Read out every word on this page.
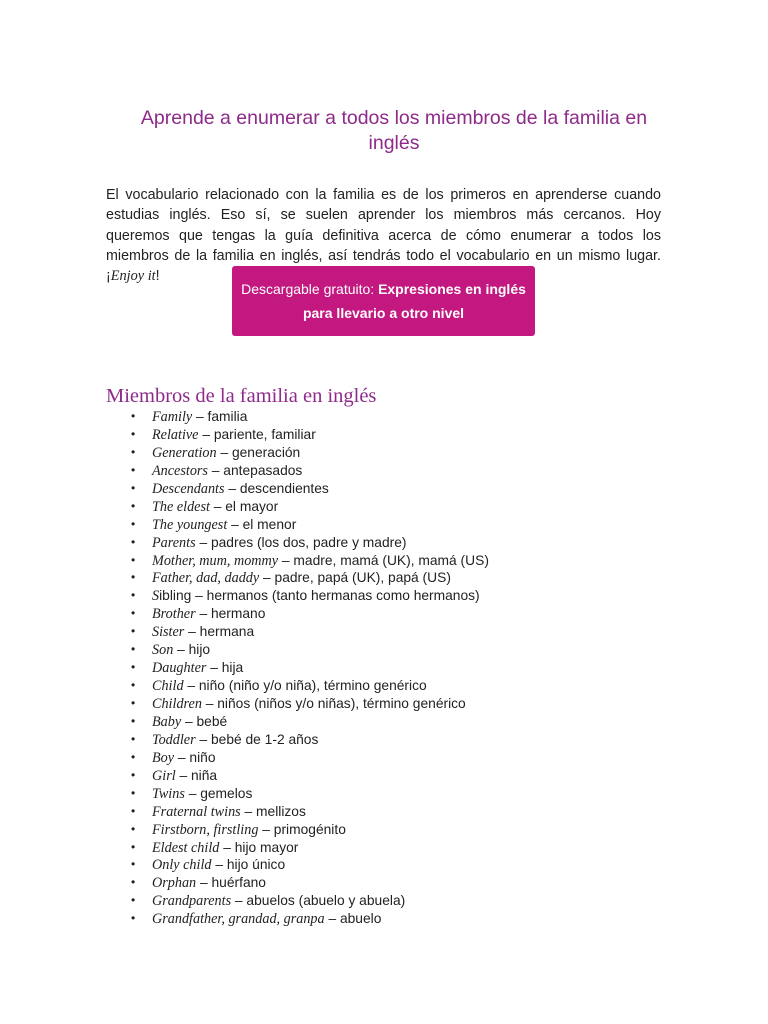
Aprende a enumerar a todos los miembros de la familia en inglés

El vocabulario relacionado con la familia es de los primeros en aprenderse cuando estudias inglés. Eso sí, se suelen aprender los miembros más cercanos. Hoy queremos que tengas la guía definitiva acerca de cómo enumerar a todos los miembros de la familia en inglés, así tendrás todo el vocabulario en un mismo lugar. ¡Enjoy it!

Descargable gratuito: Expresiones en inglés para llevario a otro nivel
Miembros de la familia en inglés
• Family – familia
• Relative – pariente, familiar
• Generation – generación
• Ancestors – antepasados
• Descendants – descendientes
• The eldest – el mayor
• The youngest – el menor
• Parents – padres (los dos, padre y madre)
• Mother, mum, mommy – madre, mamá (UK), mamá (US)
• Father, dad, daddy – padre, papá (UK), papá (US)
• Sibling – hermanos (tanto hermanas como hermanos)
• Brother – hermano
• Sister – hermana
• Son – hijo
• Daughter – hija
• Child – niño (niño y/o niña), término genérico
• Children – niños (niños y/o niñas), término genérico
• Baby – bebé
• Toddler – bebé de 1-2 años
• Boy – niño
• Girl – niña
• Twins – gemelos
• Fraternal twins – mellizos
• Firstborn, firstling – primogénito
• Eldest child – hijo mayor
• Only child – hijo único
• Orphan – huérfano
• Grandparents – abuelos (abuelo y abuela)
• Grandfather, grandad, granpa – abuelo
